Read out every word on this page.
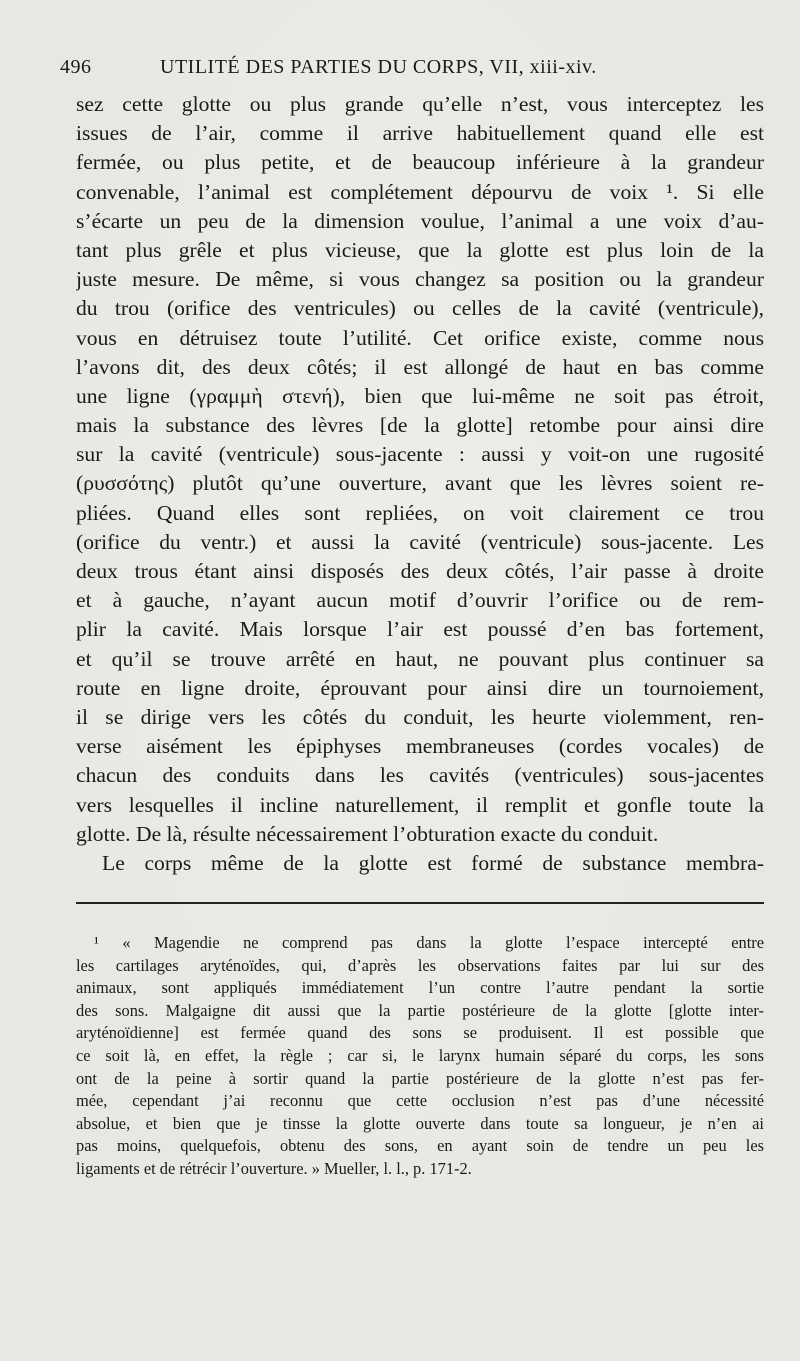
496	UTILITÉ DES PARTIES DU CORPS, VII, xiii-xiv.
sez cette glotte ou plus grande qu’elle n’est, vous interceptez les
issues de l’air, comme il arrive habituellement quand elle est
fermée, ou plus petite, et de beaucoup inférieure à la grandeur
convenable, l’animal est complétement dépourvu de voix ¹. Si elle
s’écarte un peu de la dimension voulue, l’animal a une voix d’au-
tant plus grêle et plus vicieuse, que la glotte est plus loin de la
juste mesure. De même, si vous changez sa position ou la grandeur
du trou (orifice des ventricules) ou celles de la cavité (ventricule),
vous en détruisez toute l’utilité. Cet orifice existe, comme nous
l’avons dit, des deux côtés; il est allongé de haut en bas comme
une ligne (γραμμὴ στενή), bien que lui-même ne soit pas étroit,
mais la substance des lèvres [de la glotte] retombe pour ainsi dire
sur la cavité (ventricule) sous-jacente : aussi y voit-on une rugosité
(ρυσσότης) plutôt qu’une ouverture, avant que les lèvres soient re-
pliées. Quand elles sont repliées, on voit clairement ce trou
(orifice du ventr.) et aussi la cavité (ventricule) sous-jacente. Les
deux trous étant ainsi disposés des deux côtés, l’air passe à droite
et à gauche, n’ayant aucun motif d’ouvrir l’orifice ou de rem-
plir la cavité. Mais lorsque l’air est poussé d’en bas fortement,
et qu’il se trouve arrêté en haut, ne pouvant plus continuer sa
route en ligne droite, éprouvant pour ainsi dire un tournoiement,
il se dirige vers les côtés du conduit, les heurte violemment, ren-
verse aisément les épiphyses membraneuses (cordes vocales) de
chacun des conduits dans les cavités (ventricules) sous-jacentes
vers lesquelles il incline naturellement, il remplit et gonfle toute la
glotte. De là, résulte nécessairement l’obturation exacte du conduit.
Le corps même de la glotte est formé de substance membra-
¹ « Magendie ne comprend pas dans la glotte l’espace intercepté entre
les cartilages aryténoïdes, qui, d’après les observations faites par lui sur des
animaux, sont appliqués immédiatement l’un contre l’autre pendant la sortie
des sons. Malgaigne dit aussi que la partie postérieure de la glotte [glotte inter-
aryténoïdienne] est fermée quand des sons se produisent. Il est possible que
ce soit là, en effet, la règle ; car si, le larynx humain séparé du corps, les sons
ont de la peine à sortir quand la partie postérieure de la glotte n’est pas fer-
mée, cependant j’ai reconnu que cette occlusion n’est pas d’une nécessité
absolue, et bien que je tinsse la glotte ouverte dans toute sa longueur, je n’en ai
pas moins, quelquefois, obtenu des sons, en ayant soin de tendre un peu les
ligaments et de rétrécir l’ouverture. » Mueller, l. l., p. 171-2.
